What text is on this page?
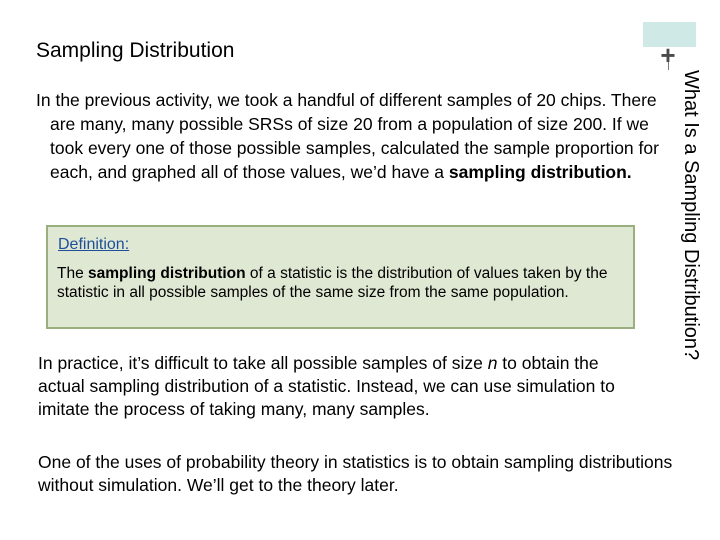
+
Sampling Distribution
What Is a Sampling Distribution?
In the previous activity, we took a handful of different samples of 20 chips. There are many, many possible SRSs of size 20 from a population of size 200. If we took every one of those possible samples, calculated the sample proportion for each, and graphed all of those values, we’d have a sampling distribution.
Definition:
The sampling distribution of a statistic is the distribution of values taken by the statistic in all possible samples of the same size from the same population.
In practice, it’s difficult to take all possible samples of size n to obtain the actual sampling distribution of a statistic. Instead, we can use simulation to imitate the process of taking many, many samples.
One of the uses of probability theory in statistics is to obtain sampling distributions without simulation. We’ll get to the theory later.
